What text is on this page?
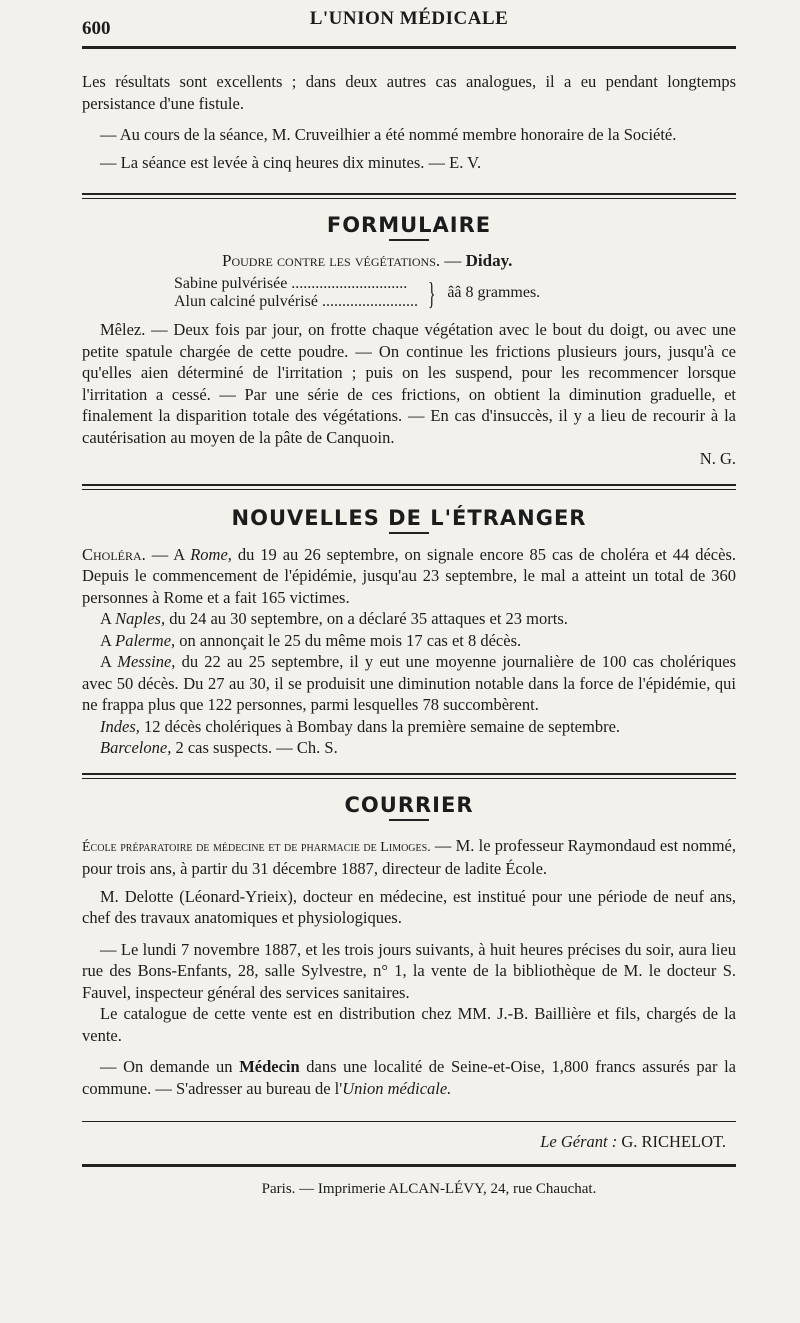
600	L'UNION MÉDICALE

Les résultats sont excellents ; dans deux autres cas analogues, il a eu pendant longtemps persistance d'une fistule.

— Au cours de la séance, M. Cruveilhier a été nommé membre honoraire de la Société.

— La séance est levée à cinq heures dix minutes. — E. V.

FORMULAIRE
Poudre contre les végétations. — Diday.
Sabine pulvérisée .............................
Alun calciné pulvérisé ........................ } ââ 8 grammes.

Mêlez. — Deux fois par jour, on frotte chaque végétation avec le bout du doigt, ou avec une petite spatule chargée de cette poudre. — On continue les frictions plusieurs jours, jusqu'à ce qu'elles aien déterminé de l'irritation ; puis on les suspend, pour les recommencer lorsque l'irritation a cessé. — Par une série de ces frictions, on obtient la diminution graduelle, et finalement la disparition totale des végétations. — En cas d'insuccès, il y a lieu de recourir à la cautérisation au moyen de la pâte de Canquoin.

N. G.

NOUVELLES DE L'ÉTRANGER

Choléra. — A Rome, du 19 au 26 septembre, on signale encore 85 cas de choléra et 44 décès. Depuis le commencement de l'épidémie, jusqu'au 23 septembre, le mal a atteint un total de 360 personnes à Rome et a fait 165 victimes.

A Naples, du 24 au 30 septembre, on a déclaré 35 attaques et 23 morts.

A Palerme, on annonçait le 25 du même mois 17 cas et 8 décès.

A Messine, du 22 au 25 septembre, il y eut une moyenne journalière de 100 cas cholériques avec 50 décès. Du 27 au 30, il se produisit une diminution notable dans la force de l'épidémie, qui ne frappa plus que 122 personnes, parmi lesquelles 78 succombèrent.

Indes, 12 décès cholériques à Bombay dans la première semaine de septembre.

Barcelone, 2 cas suspects. — Ch. S.

COURRIER

École préparatoire de médecine et de pharmacie de Limoges. — M. le professeur Raymondaud est nommé, pour trois ans, à partir du 31 décembre 1887, directeur de ladite École.

M. Delotte (Léonard-Yrieix), docteur en médecine, est institué pour une période de neuf ans, chef des travaux anatomiques et physiologiques.

— Le lundi 7 novembre 1887, et les trois jours suivants, à huit heures précises du soir, aura lieu rue des Bons-Enfants, 28, salle Sylvestre, n° 1, la vente de la bibliothèque de M. le docteur S. Fauvel, inspecteur général des services sanitaires.

Le catalogue de cette vente est en distribution chez MM. J.-B. Baillière et fils, chargés de la vente.

— On demande un Médecin dans une localité de Seine-et-Oise, 1,800 francs assurés par la commune. — S'adresser au bureau de l'Union médicale.

Le Gérant : G. RICHELOT.
Paris. — Imprimerie ALCAN-LÉVY, 24, rue Chauchat.
